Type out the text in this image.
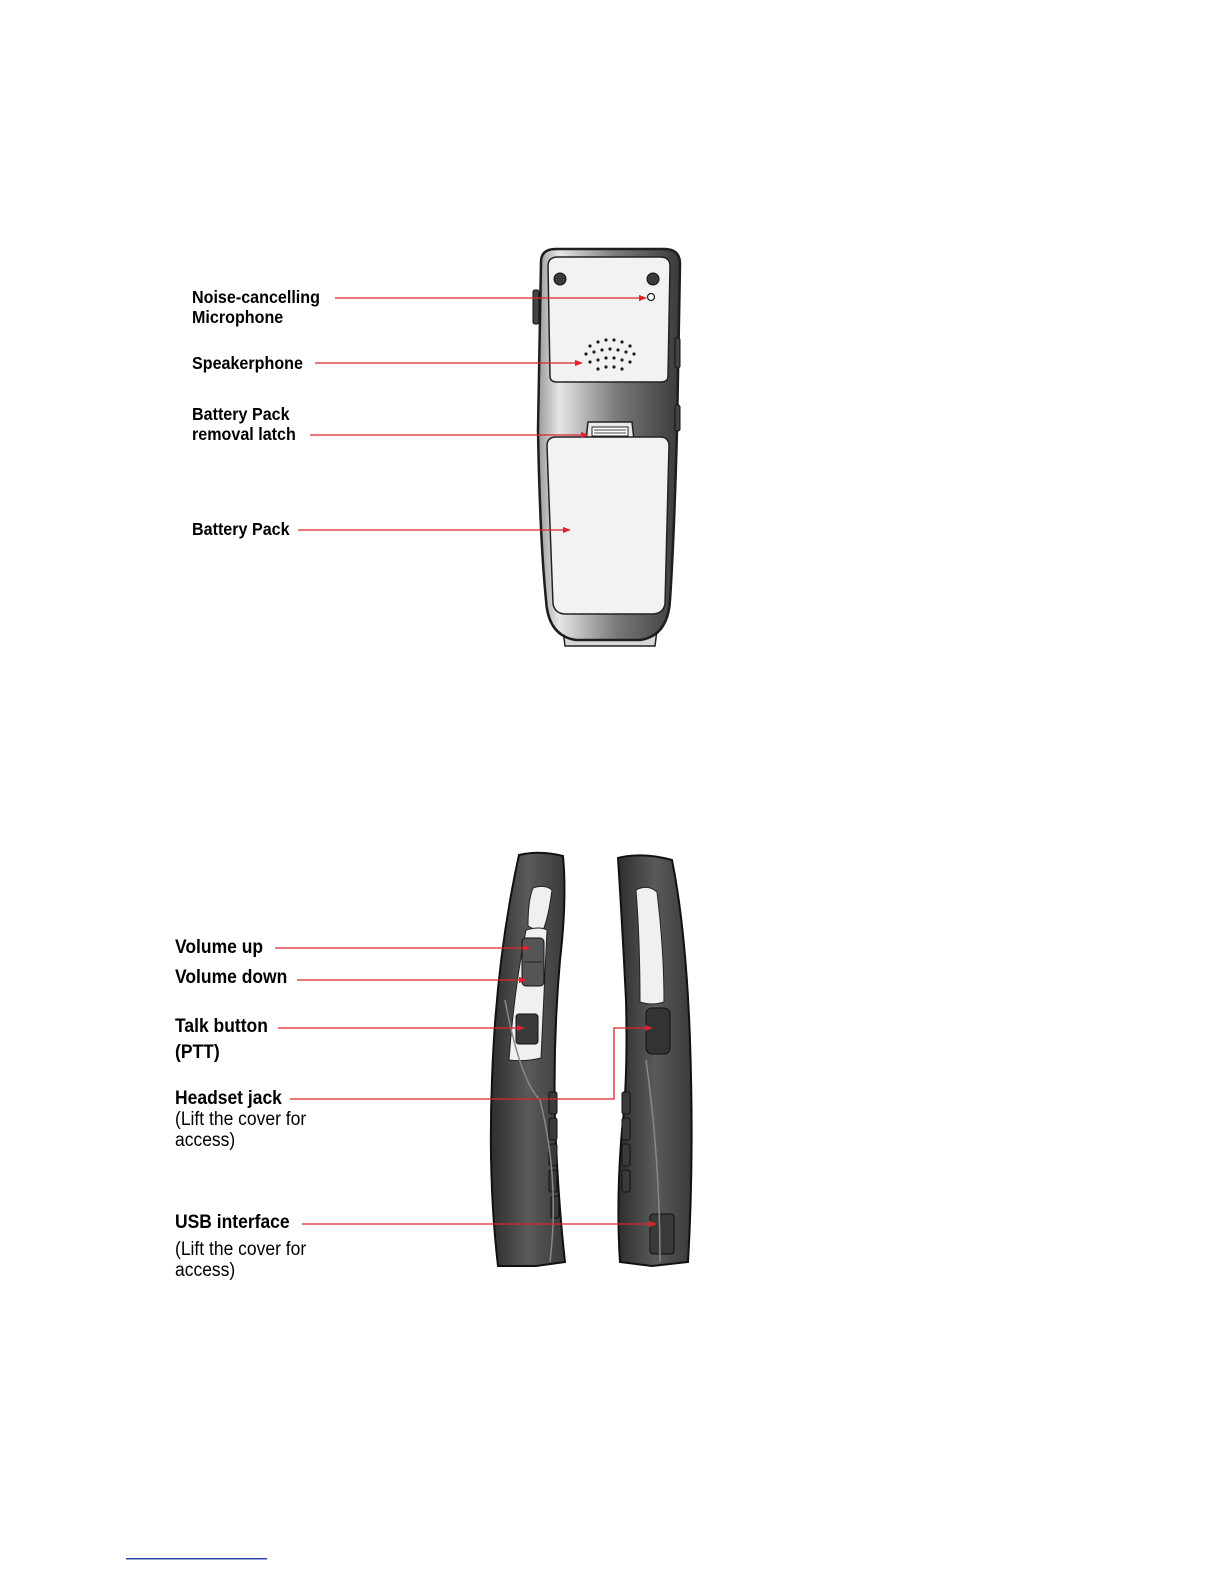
Noise-cancelling

Microphone

Speakerphone

Battery Pack

removal latch

Battery Pack

Volume up

Volume down

Talk button

(PTT)

Headset jack

(Lift the cover for

access)

USB interface

(Lift the cover for

access)
